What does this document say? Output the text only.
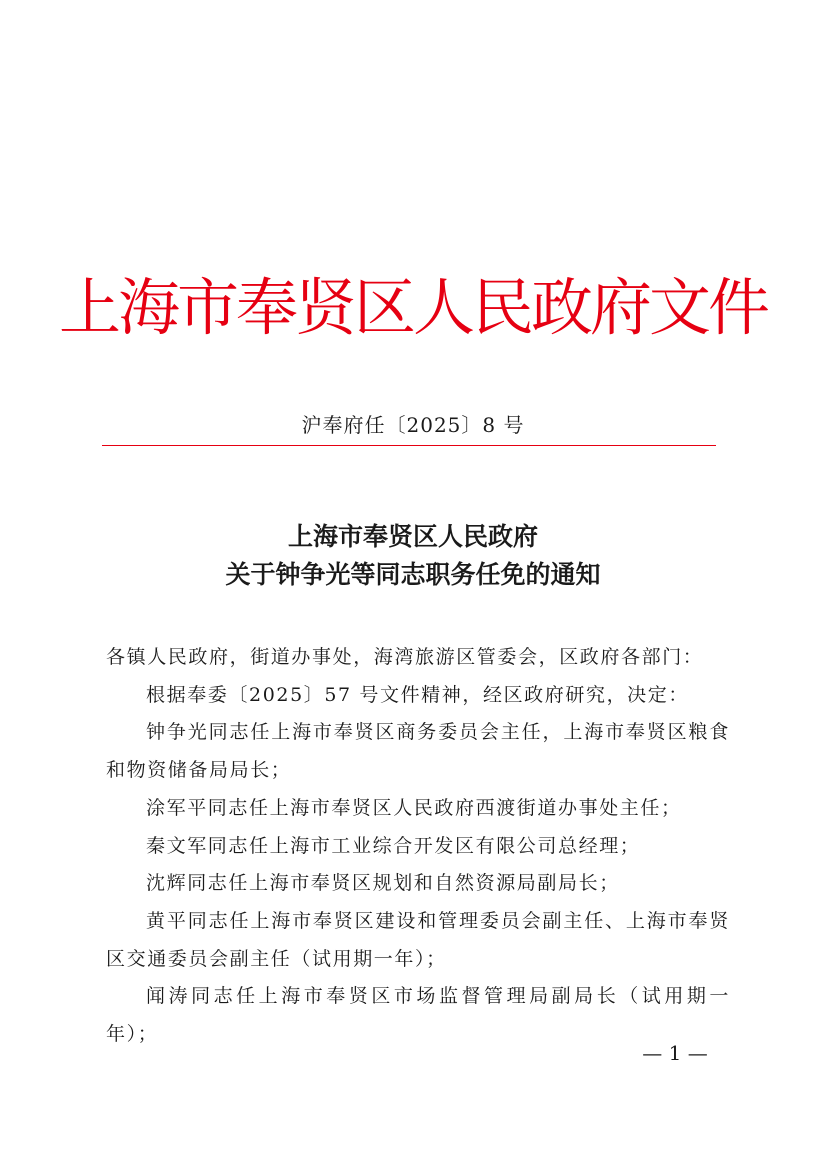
上海市奉贤区人民政府文件
沪奉府任〔2025〕8 号
上海市奉贤区人民政府
关于钟争光等同志职务任免的通知

各镇人民政府，街道办事处，海湾旅游区管委会，区政府各部门：

根据奉委〔2025〕57 号文件精神，经区政府研究，决定：

钟争光同志任上海市奉贤区商务委员会主任，上海市奉贤区粮食和物资储备局局长；

涂军平同志任上海市奉贤区人民政府西渡街道办事处主任；

秦文军同志任上海市工业综合开发区有限公司总经理；

沈辉同志任上海市奉贤区规划和自然资源局副局长；

黄平同志任上海市奉贤区建设和管理委员会副主任、上海市奉贤区交通委员会副主任（试用期一年）；

闻涛同志任上海市奉贤区市场监督管理局副局长（试用期一年）；

— 1 —
